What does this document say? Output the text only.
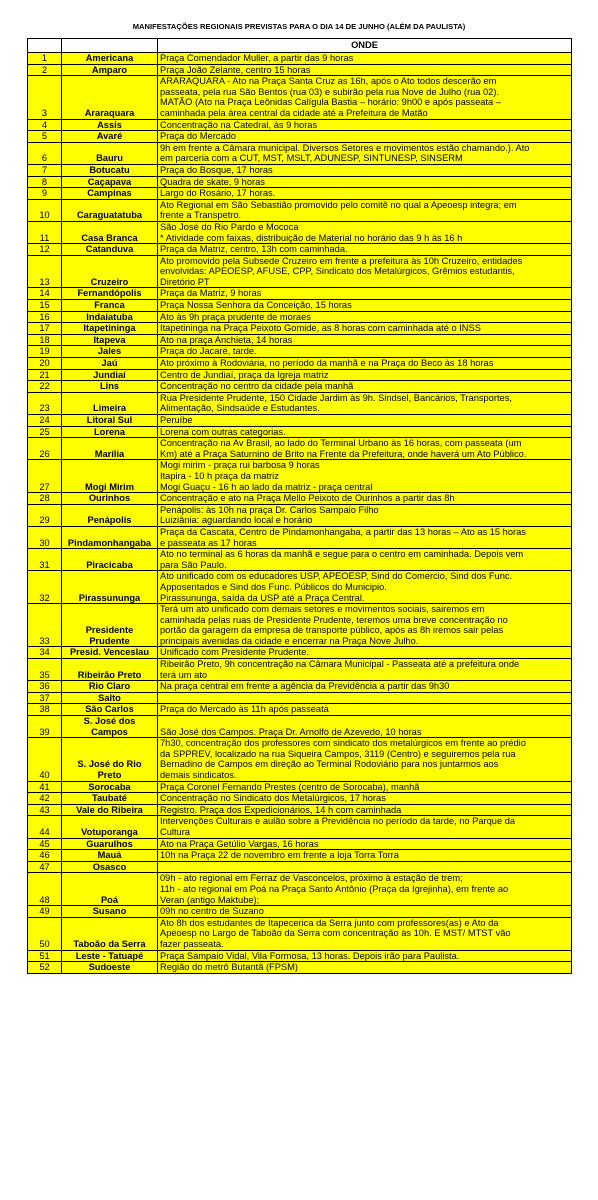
MANIFESTAÇÕES REGIONAIS PREVISTAS PARA O DIA 14 DE JUNHO (ALÉM DA PAULISTA)
		ONDE
1	Americana	Praça Comendador Muller, a partir das 9 horas

2	Amparo	Praça João Zelante, centro 15 horas

3	Araraquara	ARARAQUARA - Ato na Praça Santa Cruz as 16h, após o Ato todos descerão em
passeata, pela rua São Bentos (rua 03) e subirão pela rua Nove de Julho (rua 02).
MATÃO (Ato na Praça Leônidas Calígula Bastia – horário: 9h00 e após passeata –
caminhada pela área central da cidade até a Prefeitura de Matão

4	Assis	Concentração na Catedral, às 9 horas

5	Avaré	Praça do Mercado

6	Bauru	9h em frente a Câmara municipal. Diversos Setores e movimentos estão chamando.). Ato
em parceria com a CUT, MST, MSLT, ADUNESP, SINTUNESP, SINSERM

7	Botucatu	Praça do Bosque, 17 horas

8	Caçapava	Quadra de skate, 9 horas

9	Campinas	Largo do Rosário, 17 horas.

10	Caraguatatuba	Ato Regional em São Sebastião promovido pelo comitê no qual a Apeoesp integra; em
frente a Transpetro.

11	Casa Branca	São José do Rio Pardo e Mococa
* Atividade com faixas, distribuição de Material no horário das 9 h às 16 h

12	Catanduva	Praça da Matriz, centro, 13h com caminhada.

13	Cruzeiro	Ato promovido pela Subsede Cruzeiro em frente a prefeitura às 10h Cruzeiro, entidades
envolvidas: APEOESP, AFUSE, CPP, Sindicato dos Metalúrgicos, Grêmios estudantis,
Diretório PT

14	Fernandópolis	Praça da Matriz, 9 horas

15	Franca	Praça Nossa Senhora da Conceição, 15 horas

16	Indaiatuba	Ato às 9h praça prudente de moraes

17	Itapetininga	Itapetininga na Praça Peixoto Gomide, as 8 horas com caminhada até o INSS

18	Itapeva	Ato na praça Anchieta, 14 horas

19	Jales	Praça do Jacaré, tarde.

20	Jaú	Ato próximo à Rodoviária, no período da manhã e na Praça do Beco às 18 horas

21	Jundiaí	Centro de Jundiaí, praça da Igreja matriz

22	Lins	Concentração no centro da cidade pela manhã

23	Limeira	Rua Presidente Prudente, 150 Cidade Jardim às 9h. Sindsel, Bancários, Transportes,
Alimentação, Sindsaúde e Estudantes.

24	Litoral Sul	Peruíbe

25	Lorena	Lorena com outras categorias.

26	Marília	Concentração na Av Brasil, ao lado do Terminal Urbano às 16 horas, com passeata (um
Km) até a Praça Saturnino de Brito na Frente da Prefeitura, onde haverá um Ato Público.

27	Mogi Mirim	Mogi mirim - praça rui barbosa 9 horas
Itapira - 10 h praça da matriz
Mogi Guaçu - 16 h ao lado da matriz - praça central

28	Ourinhos	Concentração e ato na Praça Mello Peixoto de Ourinhos a partir das 8h

29	Penápolis	Penápolis: às 10h na praça Dr. Carlos Sampaio Filho
Luiziânia: aguardando local e horário

30	Pindamonhangaba	Praça da Cascata, Centro de Pindamonhangaba, a partir das 13 horas – Ato as 15 horas
e passeata as 17 horas

31	Piracicaba	Ato no terminal as 6 horas da manhã e segue para o centro em caminhada. Depois vem
para São Paulo.

32	Pirassununga	Ato unificado com os educadores USP, APEOESP, Sind do Comercio, Sind dos Func.
Apposentados e Sind dos Func. Públicos do Municipio.
Pirassununga, saída da USP até a Praça Central.

33	Presidente
Prudente	Terá um ato unificado com demais setores e movimentos sociais, sairemos em
caminhada pelas ruas de Presidente Prudente, teremos uma breve concentração no
portão da garagem da empresa de transporte público, após as 8h iremos sair pelas
principais avenidas da cidade e encerrar na Praça Nove Julho.

34	Presid. Venceslau	Unificado com Presidente Prudente.

35	Ribeirão Preto	Ribeirão Preto, 9h concentração na Câmara Municipal - Passeata até a prefeitura onde
terá um ato

36	Rio Claro	Na praça central em frente a agência da Previdência a partir das 9h30

37	Salto	

38	São Carlos	Praça do Mercado às 11h após passeata

39	S. José dos
Campos	São José dos Campos. Praça Dr. Arnolfo de Azevedo, 10 horas

40	S. José do Rio
Preto	7h30, concentração dos professores com sindicato dos metalúrgicos em frente ao prédio
da SPPREV, localizado na rua Siqueira Campos, 3119 (Centro) e seguiremos pela rua
Bernadino de Campos em direção ao Terminal Rodoviário para nos juntarmos aos
demais sindicatos.

41	Sorocaba	Praça Coronel Fernando Prestes (centro de Sorocaba), manhã

42	Taubaté	Concentração no Sindicato dos Metalúrgicos, 17 horas

43	Vale do Ribeira	Registro. Praça dos Expedicionários, 14 h com caminhada

44	Votuporanga	Intervenções Culturais e aulão sobre a Previdência no período da tarde, no Parque da
Cultura

45	Guarulhos	Ato na Praça Getúlio Vargas, 16 horas

46	Mauá	10h na Praça 22 de novembro em frente a loja Torra Torra

47	Osasco	

48	Poá	09h - ato regional em Ferraz de Vasconcelos, próximo à estação de trem;
11h - ato regional em Poá na Praça Santo Antônio (Praça da Igrejinha), em frente ao
Veran (antigo Maktube);

49	Susano	09h no centro de Suzano

50	Taboão da Serra	Ato 8h dos estudantes de Itapecerica da Serra junto com professores(as) e Ato da
Apeoesp no Largo de Taboão da Serra com concentração às 10h. E MST/ MTST vão
fazer passeata.

51	Leste - Tatuapé	Praça Sampaio Vidal, Vila Formosa, 13 horas. Depois irão para Paulista.

52	Sudoeste	Região do metrô Butantã (FPSM)
